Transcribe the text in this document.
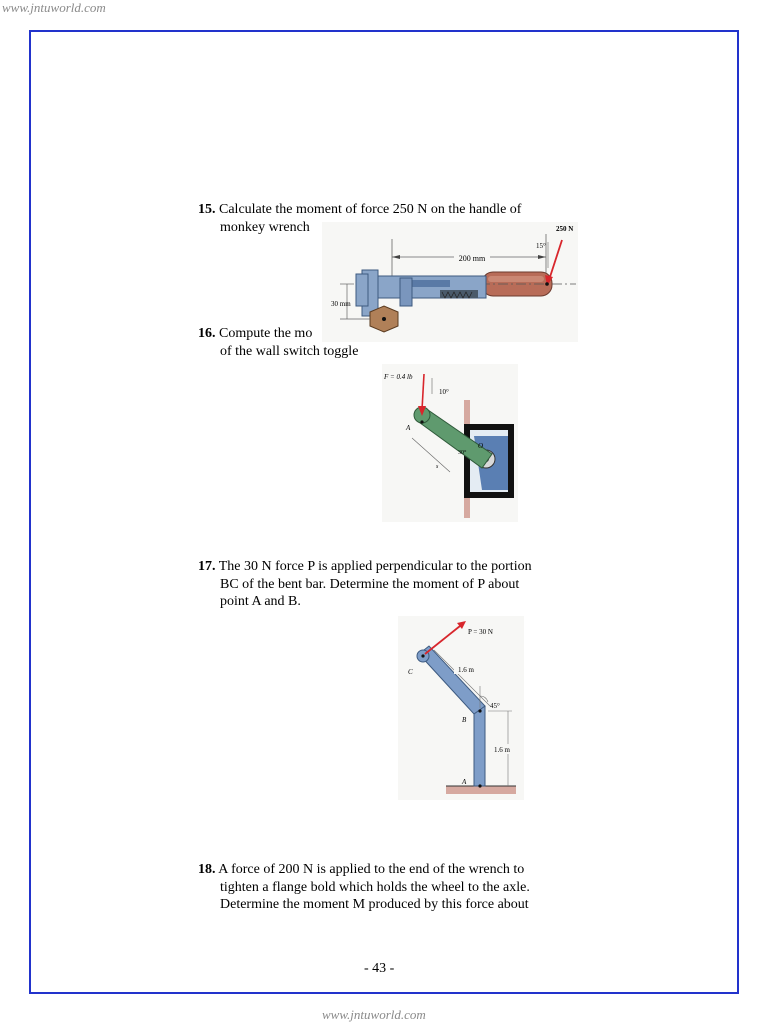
www.jntuworld.com
15. Calculate the moment of force 250 N on the handle of
monkey wrench
200 mm
30 mm
250 N
15°
16. Compute the mo
of the wall switch toggle
s
F = 0.4 lb
10°
30°
A
O
17. The 30 N force P is applied perpendicular to the portion
BC of the bent bar. Determine the moment of P about
point A and B.
P = 30 N
1.6 m
45°
1.6 m
A
B
C
18. A force of 200 N is applied to the end of the wrench to
tighten a flange bold which holds the wheel to the axle.
Determine the moment M produced by this force about
- 43 -
www.jntuworld.com
